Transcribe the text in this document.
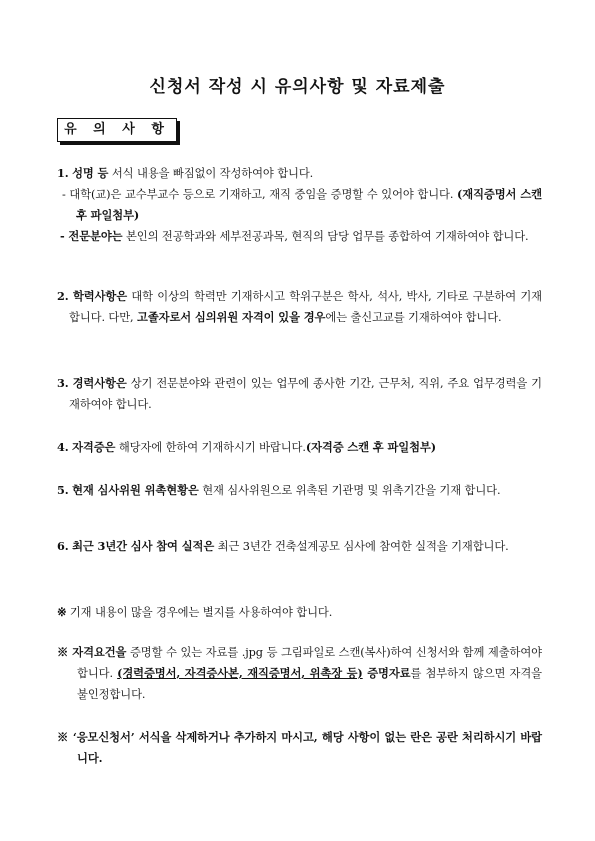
신청서 작성 시 유의사항 및 자료제출
유 의 사 항
1. 성명 등 서식 내용을 빠짐없이 작성하여야 합니다.
- 대학(교)은 교수부교수 등으로 기재하고, 재직 중임을 증명할 수 있어야 합니다. (재직증명서 스캔 후 파일첨부)
- 전문분야는 본인의 전공학과와 세부전공과목, 현직의 담당 업무를 종합하여 기재하여야 합니다.
2. 학력사항은 대학 이상의 학력만 기재하시고 학위구분은 학사, 석사, 박사, 기타로 구분하여 기재 합니다. 다만, 고졸자로서 심의위원 자격이 있을 경우에는 출신고교를 기재하여야 합니다.
3. 경력사항은 상기 전문분야와 관련이 있는 업무에 종사한 기간, 근무처, 직위, 주요 업무경력을 기재하여야 합니다.
4. 자격증은 해당자에 한하여 기재하시기 바랍니다.(자격증 스캔 후 파일첨부)
5. 현재 심사위원 위촉현황은 현재 심사위원으로 위촉된 기관명 및 위촉기간을 기재 합니다.
6. 최근 3년간 심사 참여 실적은 최근 3년간 건축설계공모 심사에 참여한 실적을 기재합니다.
※ 기재 내용이 많을 경우에는 별지를 사용하여야 합니다.
※ 자격요건을 증명할 수 있는 자료를 .jpg 등 그림파일로 스캔(복사)하여 신청서와 함께 제출하여야 합니다. (경력증명서, 자격증사본, 재직증명서, 위촉장 등) 증명자료를 첨부하지 않으면 자격을 불인정합니다.
※ ‘응모신청서’ 서식을 삭제하거나 추가하지 마시고, 해당 사항이 없는 란은 공란 처리하시기 바랍니다.
